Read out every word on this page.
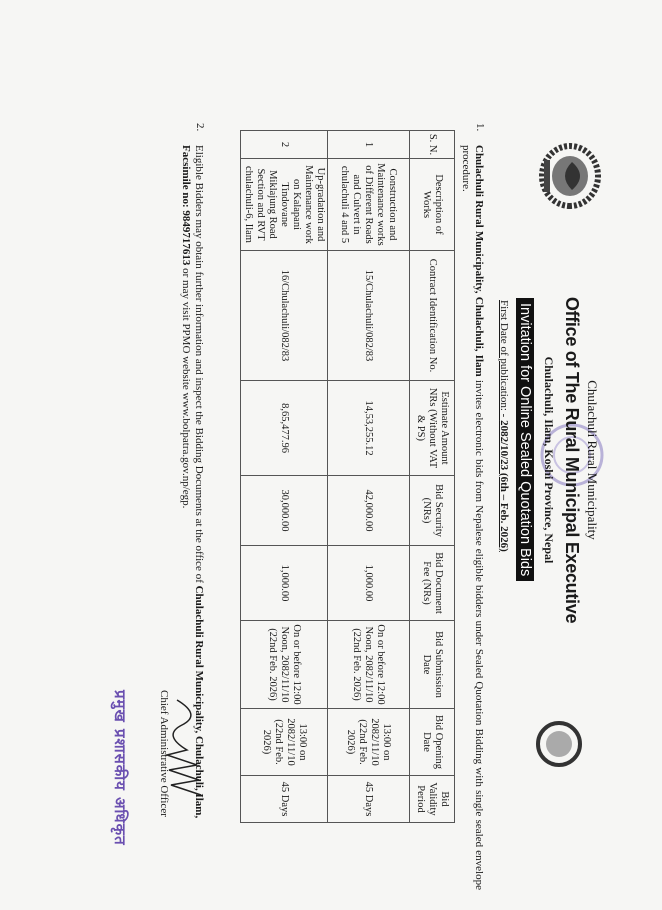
Chulachuli Rural Municipality
Office of The Rural Municipal Executive
Chulachuli, Ilam, Koshi Province, Nepal
Invitation for Online Sealed Quotation Bids
First Date of publication: - 2082/10/23 (6th – Feb. 2026)
1.
Chulachuli Rural Municipality, Chulachuli, Ilam invites electronic bids from Nepalese eligible bidders under Sealed Quotation Bidding with single sealed envelope procedure.
S. N.	Description of Works	Contract Identification No.	Estimate Amount NRs (Without VAT & PS)	Bid Security (NRs)	Bid Document Fee (NRs)	Bid Submission Date	Bid Opening Date	Bid Validity Period
1	Construction and Maintenance works of Different Roads and Culvert in chulachuli 4 and 5	15/Chulachuli/082/83	14,53,255.12	42,000.00	1,000.00	On or before 12:00 Noon, 2082/11/10 (22nd Feb. 2026)	13:00 on 2082/11/10 (22nd Feb. 2026)	45 Days
2	Up-gradation and Maintenance work on Kalapani Tindovane Miklajung Road Section and RVT chulachuli-6, Ilam	16/Chulachuli/082/83	8,65,477.96	30,000.00	1,000.00	On or before 12:00 Noon, 2082/11/10 (22nd Feb. 2026)	13:00 on 2082/11/10 (22nd Feb. 2026)	45 Days
2.
Eligible Bidders may obtain further information and inspect the Bidding Documents at the office of Chulachuli Rural Municipality, Chulachuli, Ilam,
Facsimile no: 9849717613 or may visit PPMO website www.bolpatra.gov.np/egp.
Chief Administrative Officer
प्रमुख प्रशासकीय अधिकृत
